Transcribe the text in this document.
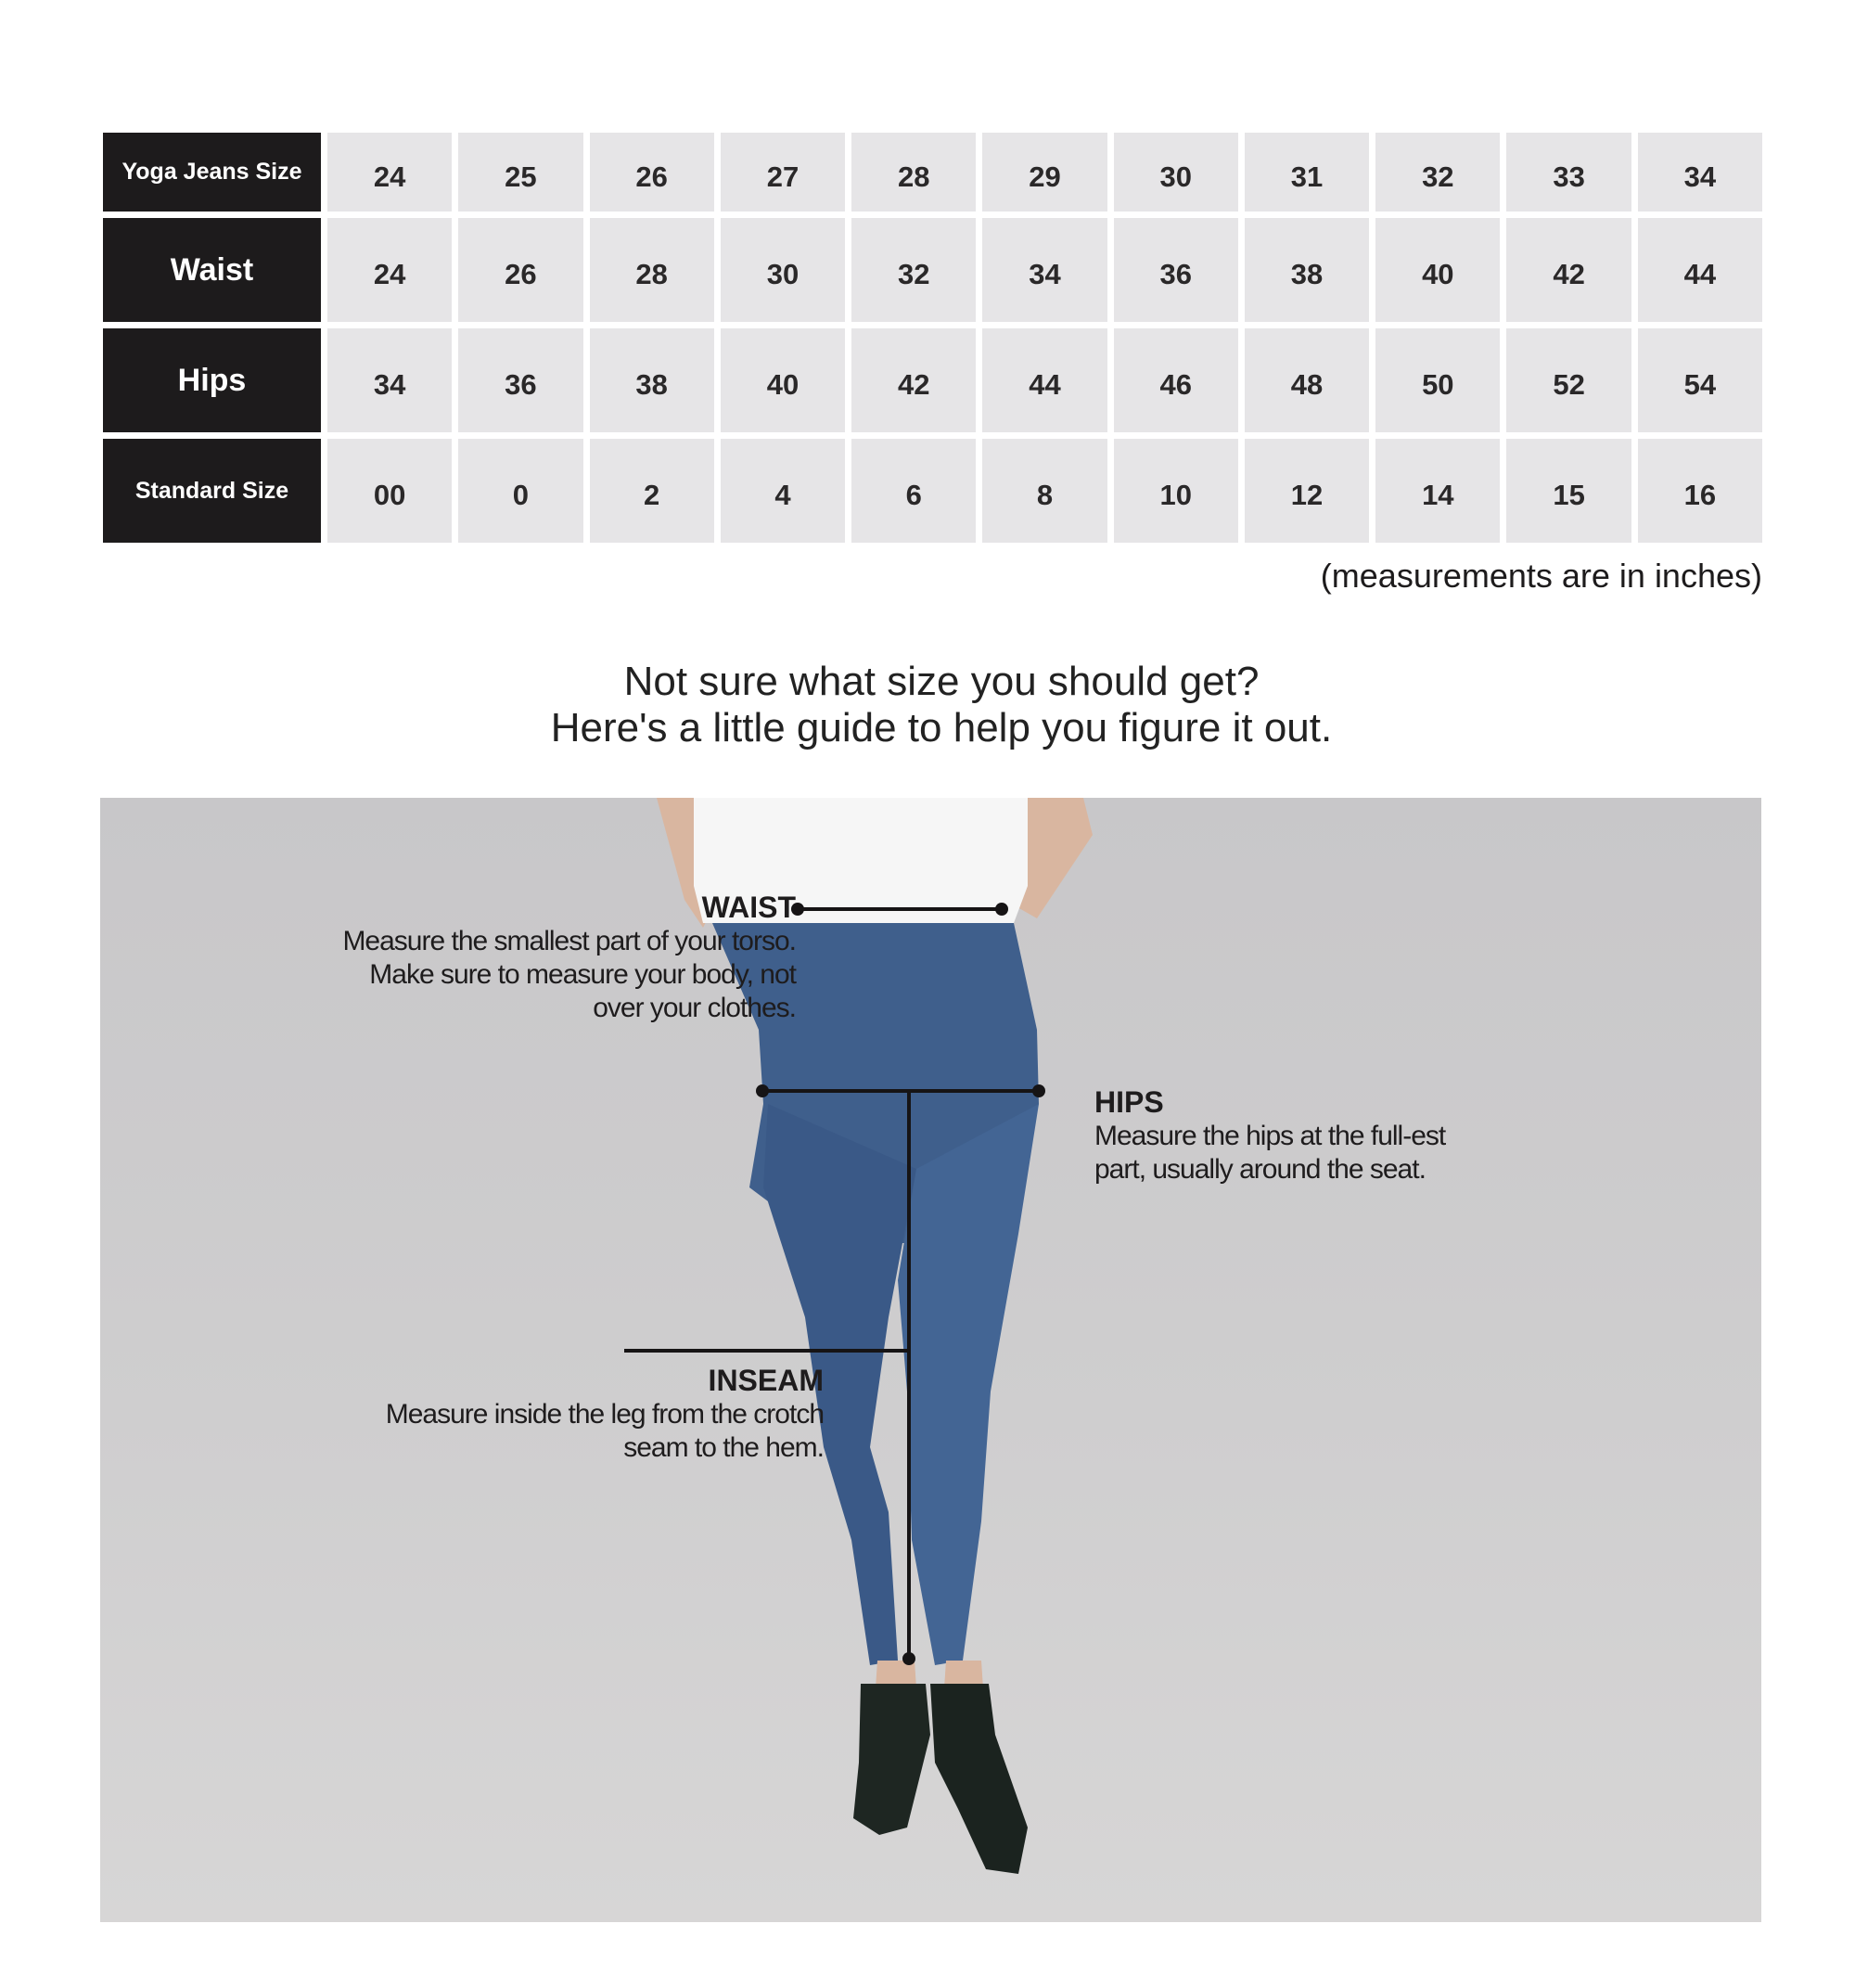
Yoga Jeans Size	24	25	26	27	28	29	30	31	32	33	34
Waist	24	26	28	30	32	34	36	38	40	42	44
Hips	34	36	38	40	42	44	46	48	50	52	54
Standard Size	00	0	2	4	6	8	10	12	14	15	16

(measurements are in inches)

Not sure what size you should get?
Here's a little guide to help you figure it out.

WAIST
Measure the smallest part of your torso. Make sure to measure your body, not over your clothes.

HIPS
Measure the hips at the full-est part, usually around the seat.

INSEAM
Measure inside the leg from the crotch seam to the hem.
